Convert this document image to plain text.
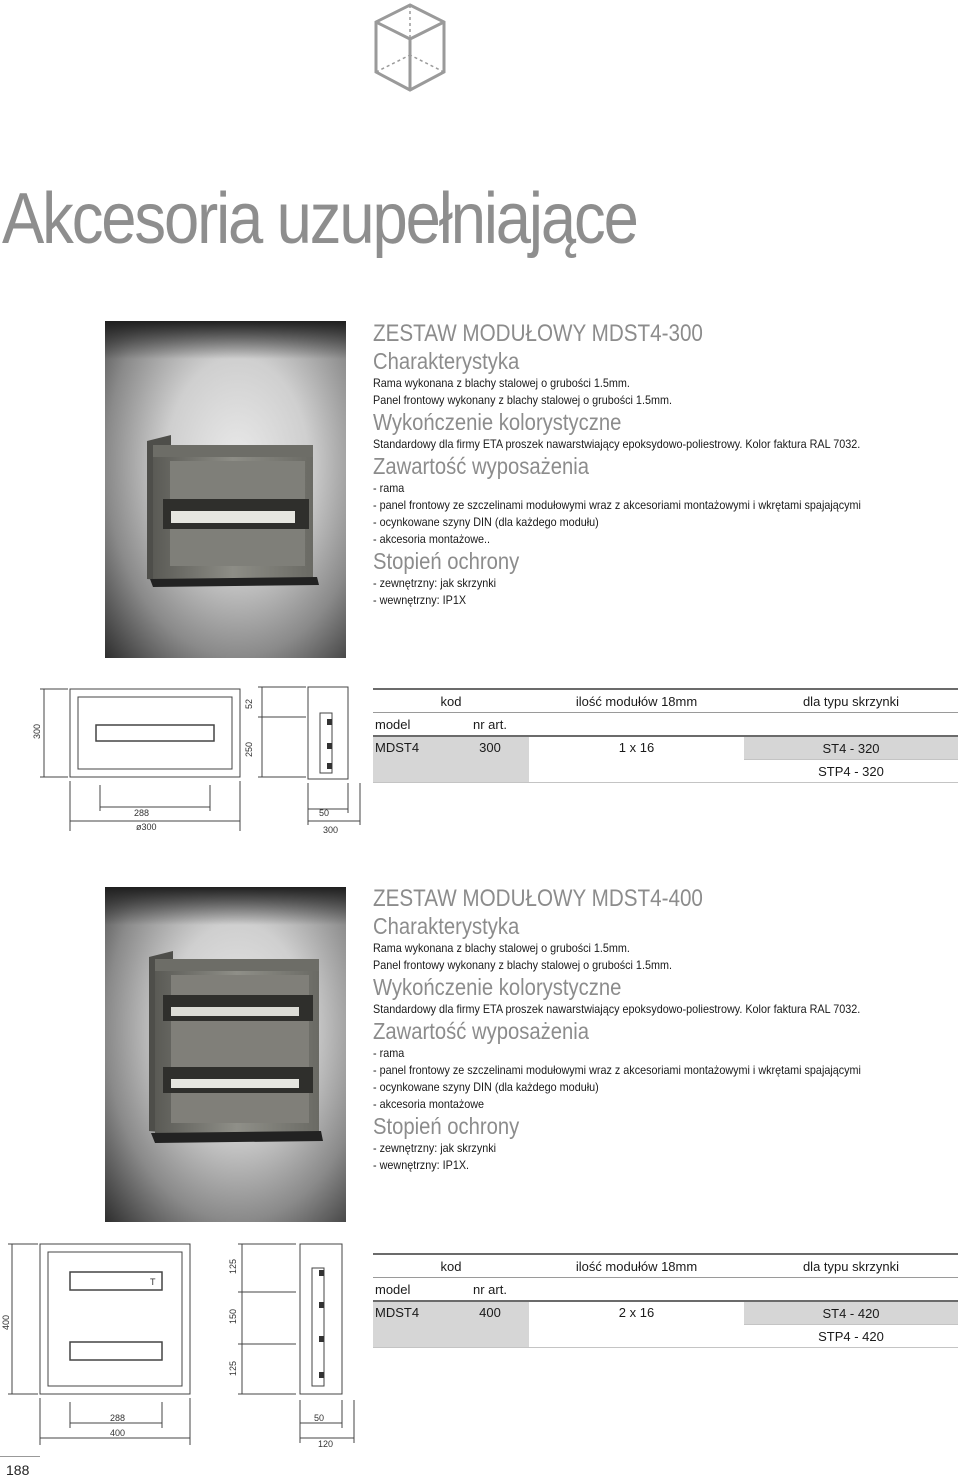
Akcesoria uzupełniające
ZESTAW MODUŁOWY MDST4-300
Charakterystyka
Rama wykonana z blachy stalowej o grubości 1.5mm.
Panel frontowy wykonany z blachy stalowej o grubości 1.5mm.
Wykończenie kolorystyczne
Standardowy dla firmy ETA proszek nawarstwiający epoksydowo-poliestrowy. Kolor faktura RAL 7032.
Zawartość wyposażenia
- rama
- panel frontowy ze szczelinami modułowymi wraz z akcesoriami montażowymi i wkrętami spajającymi
- ocynkowane szyny DIN (dla każdego modułu)
- akcesoria montażowe..
Stopień ochrony
- zewnętrzny: jak skrzynki
- wewnętrzny: IP1X
300
52
250
288
ø300
50
300
kod		ilość modułów 18mm	dla typu skrzynki
model	nr art.		
MDST4	300	1 x 16	ST4 - 320
			STP4 - 320
ZESTAW MODUŁOWY MDST4-400
Charakterystyka
Rama wykonana z blachy stalowej o grubości 1.5mm.
Panel frontowy wykonany z blachy stalowej o grubości 1.5mm.
Wykończenie kolorystyczne
Standardowy dla firmy ETA proszek nawarstwiający epoksydowo-poliestrowy. Kolor faktura RAL 7032.
Zawartość wyposażenia
- rama
- panel frontowy ze szczelinami modułowymi wraz z akcesoriami montażowymi i wkrętami spajającymi
- ocynkowane szyny DIN (dla każdego modułu)
- akcesoria montażowe
Stopień ochrony
- zewnętrzny: jak skrzynki
- wewnętrzny: IP1X.
T
400
125
150
125
288
400
50
120
kod		ilość modułów 18mm	dla typu skrzynki
model	nr art.		
MDST4	400	2 x 16	ST4 - 420
			STP4 - 420
188
